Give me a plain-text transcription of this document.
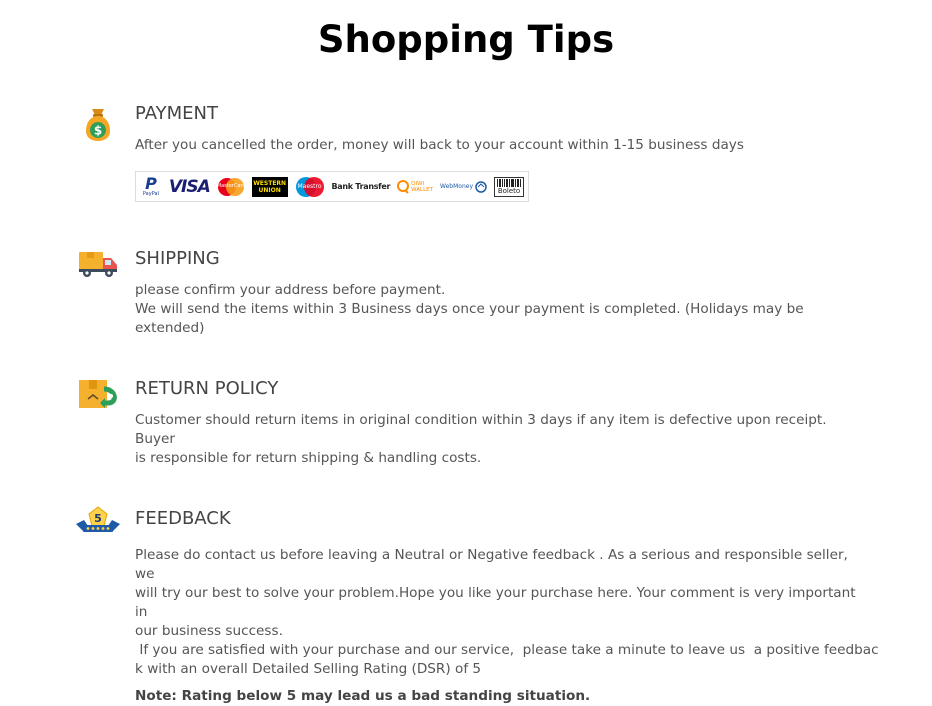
Shopping Tips
$
PAYMENT

After you cancelled the order, money will back to your account within 1-15 business days

P
PayPal VISA MasterCard WESTERN
UNION
Maestro	Bank Transfer	QIWI
WALLET WebMoney	Boleto
SHIPPING

please confirm your address before payment.

We will send the items within 3 Business days once your payment is completed. (Holidays may be extended)

RETURN POLICY

Customer should return items in original condition within 3 days if any item is defective upon receipt. Buyer

is responsible for return shipping & handling costs.

5 FEEDBACK

Please do contact us before leaving a Neutral or Negative feedback . As a serious and responsible seller, we

will try our best to solve your problem.Hope you like your purchase here. Your comment is very important in

our business success.

If you are satisfied with your purchase and our service,  please take a minute to leave us  a positive feedbac

k with an overall Detailed Selling Rating (DSR) of 5

Note: Rating below 5 may lead us a bad standing situation.
